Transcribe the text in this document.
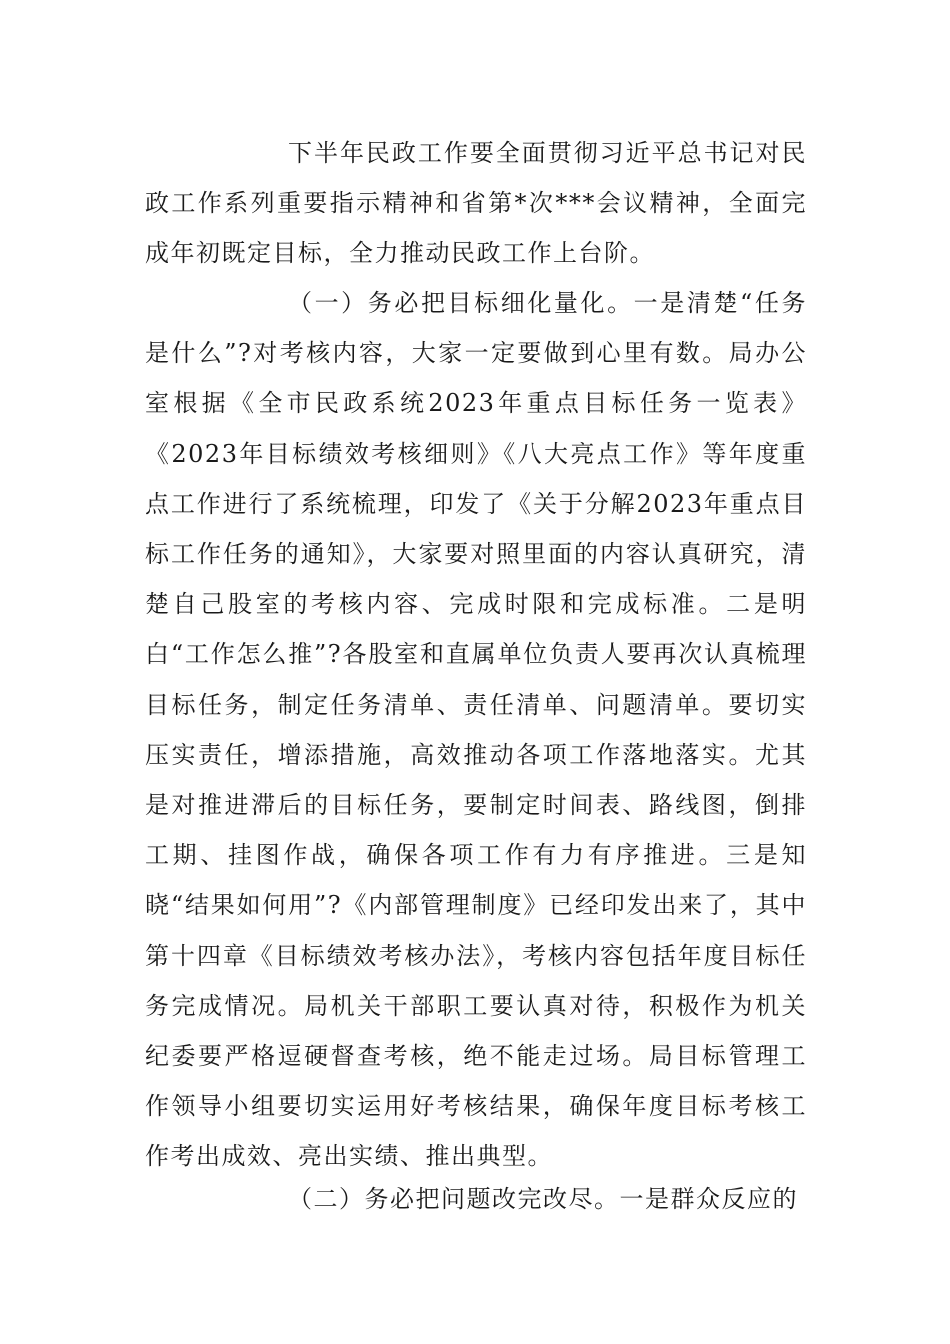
下半年民政工作要全面贯彻习近平总书记对民政工作系列重要指示精神和省第*次***会议精神，全面完成年初既定目标，全力推动民政工作上台阶。

（一）务必把目标细化量化。一是清楚“任务是什么”?对考核内容，大家一定要做到心里有数。局办公室根据《全市民政系统2023年重点目标任务一览表》《2023年目标绩效考核细则》《八大亮点工作》等年度重点工作进行了系统梳理，印发了《关于分解2023年重点目标工作任务的通知》，大家要对照里面的内容认真研究，清楚自己股室的考核内容、完成时限和完成标准。二是明白“工作怎么推”?各股室和直属单位负责人要再次认真梳理目标任务，制定任务清单、责任清单、问题清单。要切实压实责任，增添措施，高效推动各项工作落地落实。尤其是对推进滞后的目标任务，要制定时间表、路线图，倒排工期、挂图作战，确保各项工作有力有序推进。三是知晓“结果如何用”?《内部管理制度》已经印发出来了，其中第十四章《目标绩效考核办法》，考核内容包括年度目标任务完成情况。局机关干部职工要认真对待，积极作为机关纪委要严格逗硬督查考核，绝不能走过场。局目标管理工作领导小组要切实运用好考核结果，确保年度目标考核工作考出成效、亮出实绩、推出典型。

（二）务必把问题改完改尽。一是群众反应的
